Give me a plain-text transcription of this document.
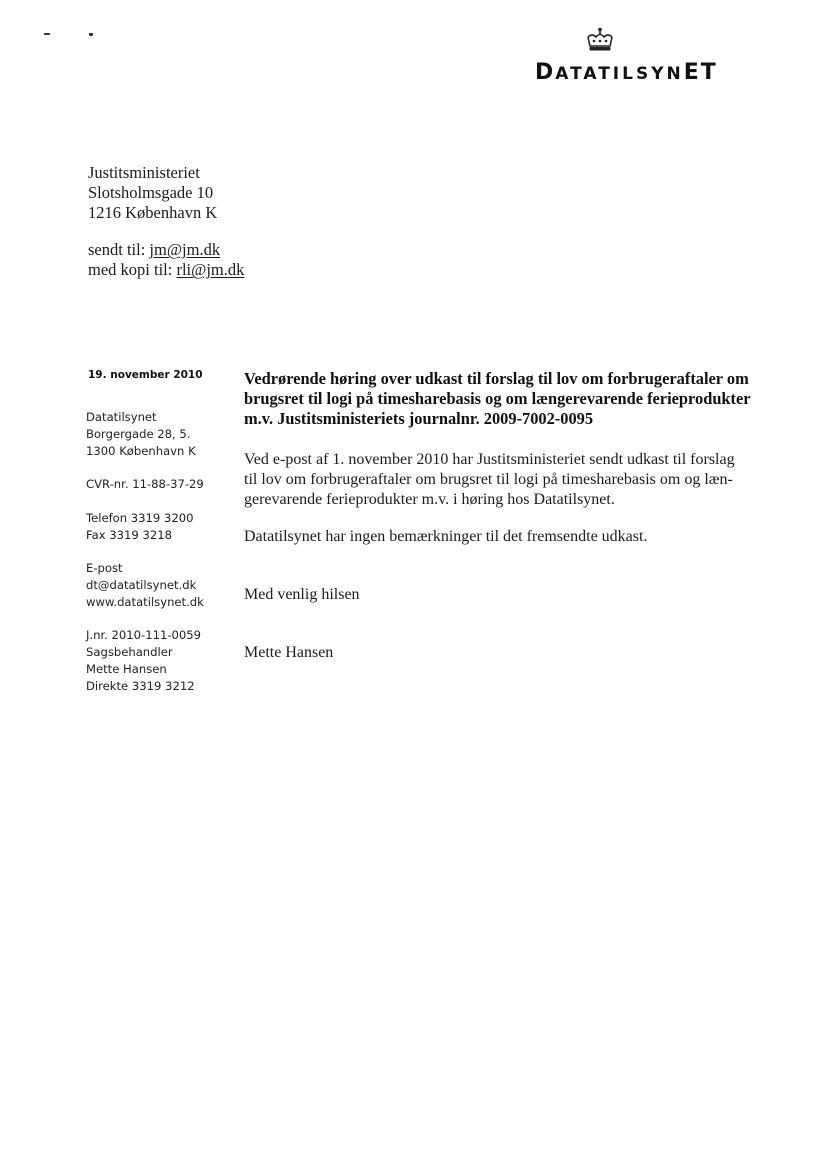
DATATILSYNET
Justitsministeriet
Slotsholmsgade 10
1216 København K
sendt til: jm@jm.dk
med kopi til: rli@jm.dk
19. november 2010
Datatilsynet
Borgergade 28, 5.
1300 København K
CVR-nr. 11-88-37-29
Telefon 3319 3200
Fax 3319 3218
E-post
dt@datatilsynet.dk
www.datatilsynet.dk
J.nr. 2010-111-0059
Sagsbehandler
Mette Hansen
Direkte 3319 3212
Vedrørende høring over udkast til forslag til lov om forbrugeraftaler om
brugsret til logi på timesharebasis og om længerevarende ferieprodukter
m.v. Justitsministeriets journalnr. 2009-7002-0095
Ved e-post af 1. november 2010 har Justitsministeriet sendt udkast til forslag
til lov om forbrugeraftaler om brugsret til logi på timesharebasis om og læn-
gerevarende ferieprodukter m.v. i høring hos Datatilsynet.
Datatilsynet har ingen bemærkninger til det fremsendte udkast.
Med venlig hilsen
Mette Hansen
